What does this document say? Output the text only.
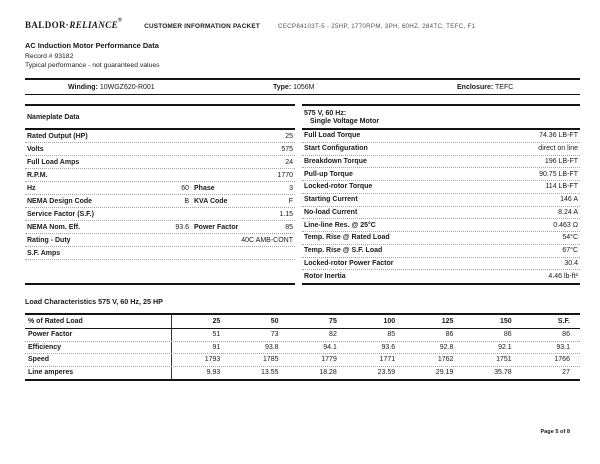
BALDOR·RELIANCE®
CUSTOMER INFORMATION PACKET	CECP84103T-5 - 25HP, 1770RPM, 3PH, 60HZ, 284TC, TEFC, F1
AC Induction Motor Performance Data
Record # 93182
Typical performance - not guaranteed values
Winding: 10WGZ620-R001	Type: 1056M	Enclosure: TEFC
Nameplate Data
Rated Output (HP)	25
Volts	575
Full Load Amps	24
R.P.M.	1770
Hz	60 Phase	3
NEMA Design Code	B KVA Code	F
Service Factor (S.F.)	1.15
NEMA Nom. Eff.	93.6 Power Factor	85
Rating - Duty	40C AMB-CONT
S.F. Amps
575 V, 60 Hz:
Single Voltage Motor
Full Load Torque	74.36 LB-FT
Start Configuration	direct on line
Breakdown Torque	196 LB-FT
Pull-up Torque	90.75 LB-FT
Locked-rotor Torque	114 LB-FT
Starting Current	146 A
No-load Current	8.24 A
Line-line Res. @ 25°C	0.463 Ω
Temp. Rise @ Rated Load	54°C
Temp. Rise @ S.F. Load	67°C
Locked-rotor Power Factor	30.4
Rotor Inertia	4.46 lb-ft²
Load Characteristics 575 V, 60 Hz, 25 HP
% of Rated Load	25	50	75	100	125	150	S.F.
Power Factor	51	73	82	85	86	86	86
Efficiency	91	93.8	94.1	93.6	92.8	92.1	93.1
Speed	1793	1785	1779	1771	1762	1751	1766
Line amperes	9.93	13.55	18.28	23.59	29.19	35.78	27
Page 5 of 8
